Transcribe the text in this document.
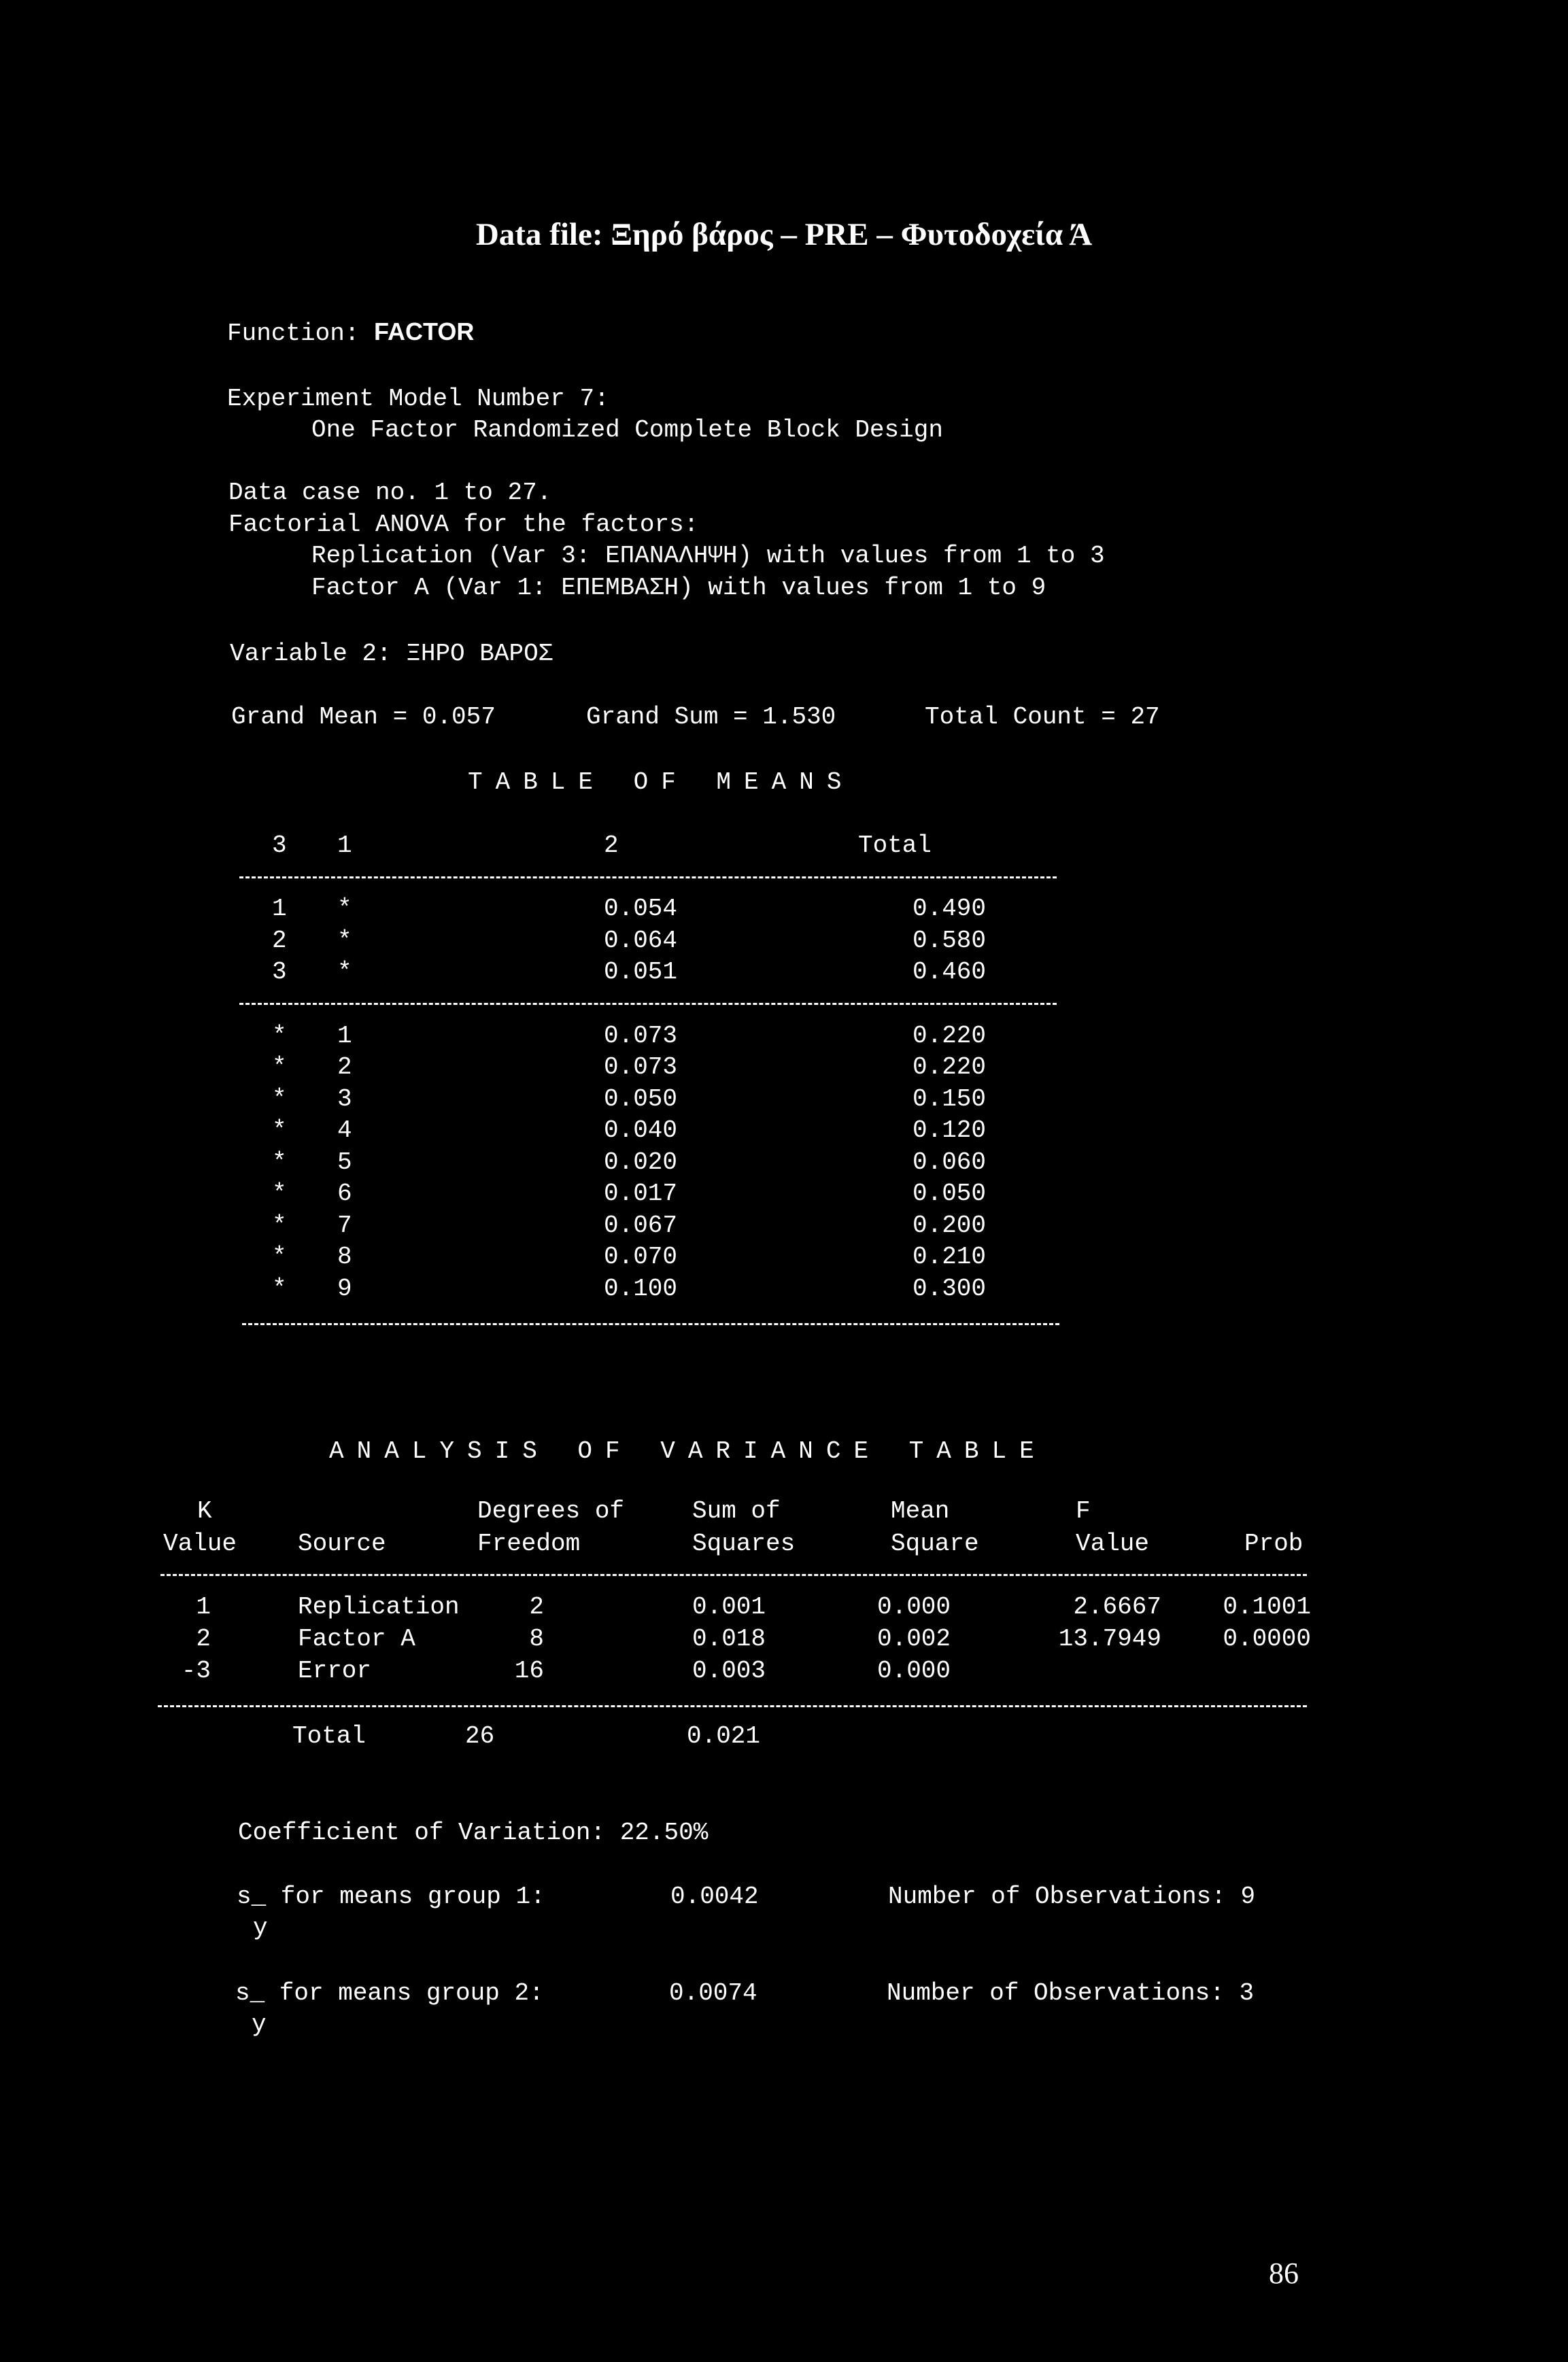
Data file: Ξηρό βάρος – PRE – Φυτοδοχεία Ά
Function: FACTOR
Experiment Model Number 7:
One Factor Randomized Complete Block Design
Data case no. 1 to 27.
Factorial ANOVA for the factors:
Replication (Var 3: ΕΠΑΝΑΛΗΨΗ) with values from 1 to 3
Factor A (Var 1: ΕΠΕΜΒΑΣΗ) with values from 1 to 9
Variable 2: ΞΗΡΟ ΒΑΡΟΣ
Grand Mean = 0.057	Grand Sum = 1.530	Total Count = 27
TABLE OF MEANS
3 1	2	Total
1 *	0.054	0.490
2 *	0.064	0.580
3 *	0.051	0.460
* 1	0.073	0.220
* 2	0.073	0.220
* 3	0.050	0.150
* 4	0.040	0.120
* 5	0.020	0.060
* 6	0.017	0.050
* 7	0.067	0.200
* 8	0.070	0.210
* 9	0.100	0.300
ANALYSIS OF VARIANCE TABLE
K	Degrees of	Sum of	Mean	F
Value Source	Freedom	Squares	Square	Value	Prob
1	Replication	2	0.001	0.000	2.6667	0.1001
2	Factor A	8	0.018	0.002	13.7949	0.0000
-3	Error	16	0.003	0.000
Total	26	0.021
Coefficient of Variation: 22.50%
s_ for means group 1:
y
0.0042	Number of Observations: 9
s_ for means group 2:
y
0.0074	Number of Observations: 3
86
